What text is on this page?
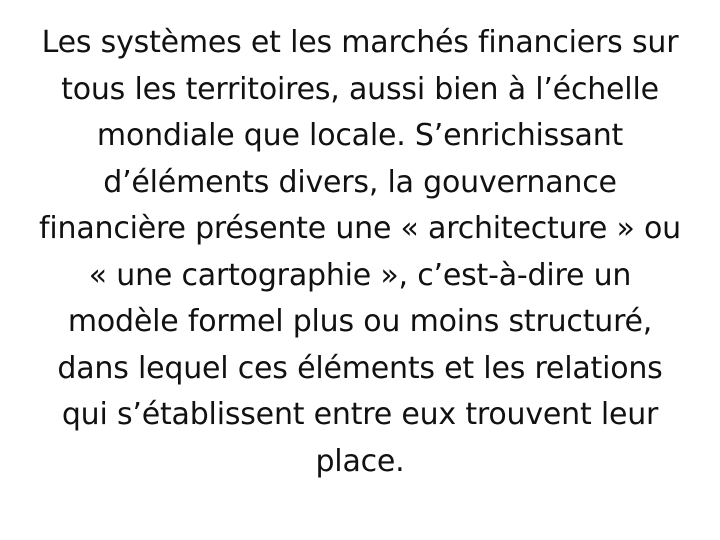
Les systèmes et les marchés financiers sur
tous les territoires, aussi bien à l’échelle
mondiale que locale. S’enrichissant
d’éléments divers, la gouvernance
financière présente une « architecture » ou
« une cartographie », c’est-à-dire un
modèle formel plus ou moins structuré,
dans lequel ces éléments et les relations
qui s’établissent entre eux trouvent leur
place.
